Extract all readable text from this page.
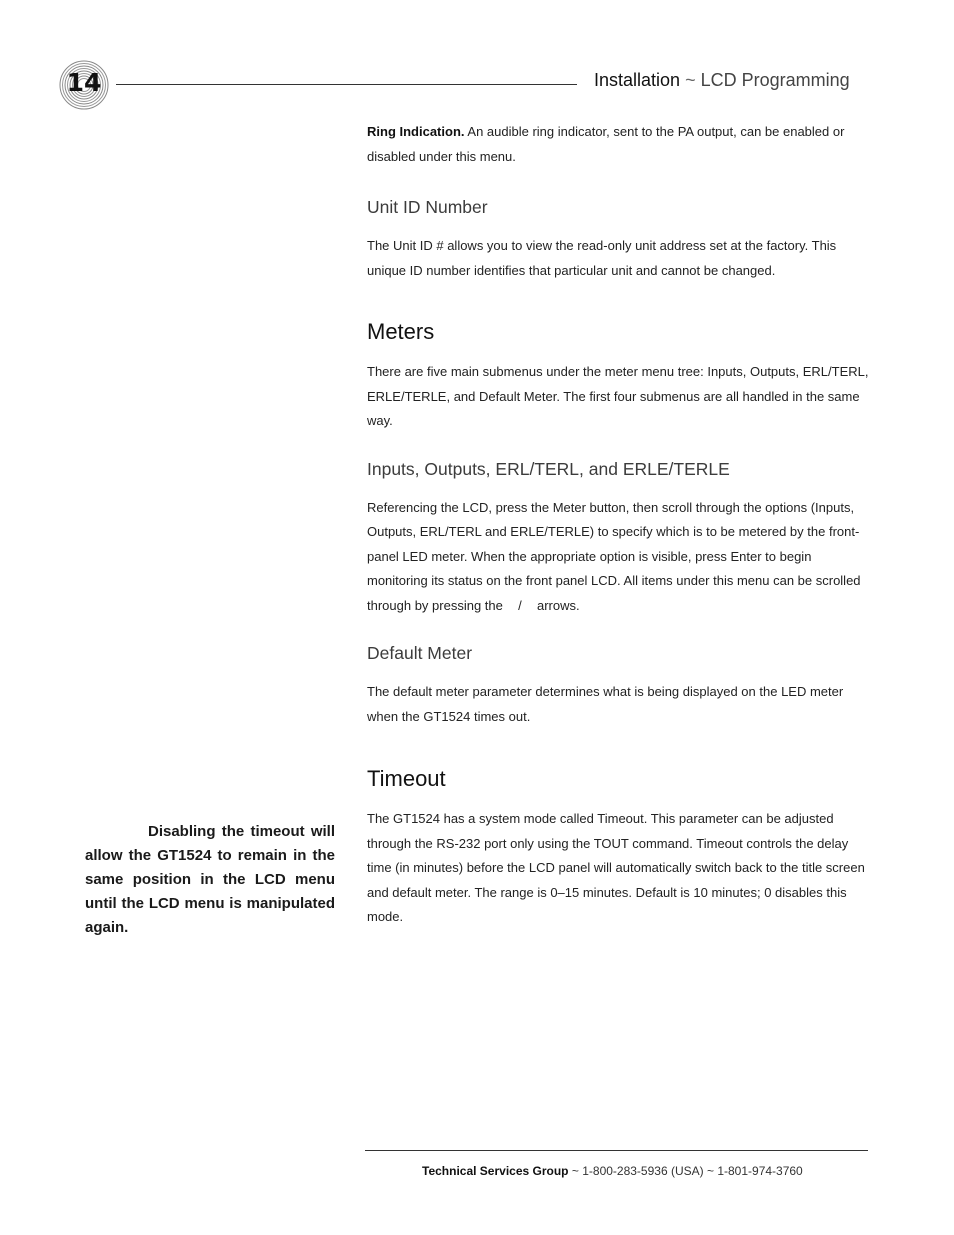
14	Installation ~ LCD Programming

Ring Indication. An audible ring indicator, sent to the PA output, can be enabled or disabled under this menu.

Unit ID Number

The Unit ID # allows you to view the read-only unit address set at the factory. This unique ID number identifies that particular unit and cannot be changed.

Meters

There are five main submenus under the meter menu tree: Inputs, Outputs, ERL/TERL, ERLE/TERLE, and Default Meter. The first four submenus are all handled in the same way.

Inputs, Outputs, ERL/TERL, and ERLE/TERLE

Referencing the LCD, press the Meter button, then scroll through the options (Inputs, Outputs, ERL/TERL and ERLE/TERLE) to specify which is to be metered by the front-panel LED meter. When the appropriate option is visible, press Enter to begin monitoring its status on the front panel LCD. All items under this menu can be scrolled through by pressing the / arrows.

Default Meter

The default meter parameter determines what is being displayed on the LED meter when the GT1524 times out.

Timeout

The GT1524 has a system mode called Timeout. This parameter can be adjusted through the RS-232 port only using the TOUT command. Timeout controls the delay time (in minutes) before the LCD panel will automatically switch back to the title screen and default meter. The range is 0–15 minutes. Default is 10 minutes; 0 disables this mode.

Disabling the timeout will allow the GT1524 to remain in the same position in the LCD menu until the LCD menu is manipulated again.
Technical Services Group ~ 1-800-283-5936 (USA) ~ 1-801-974-3760
